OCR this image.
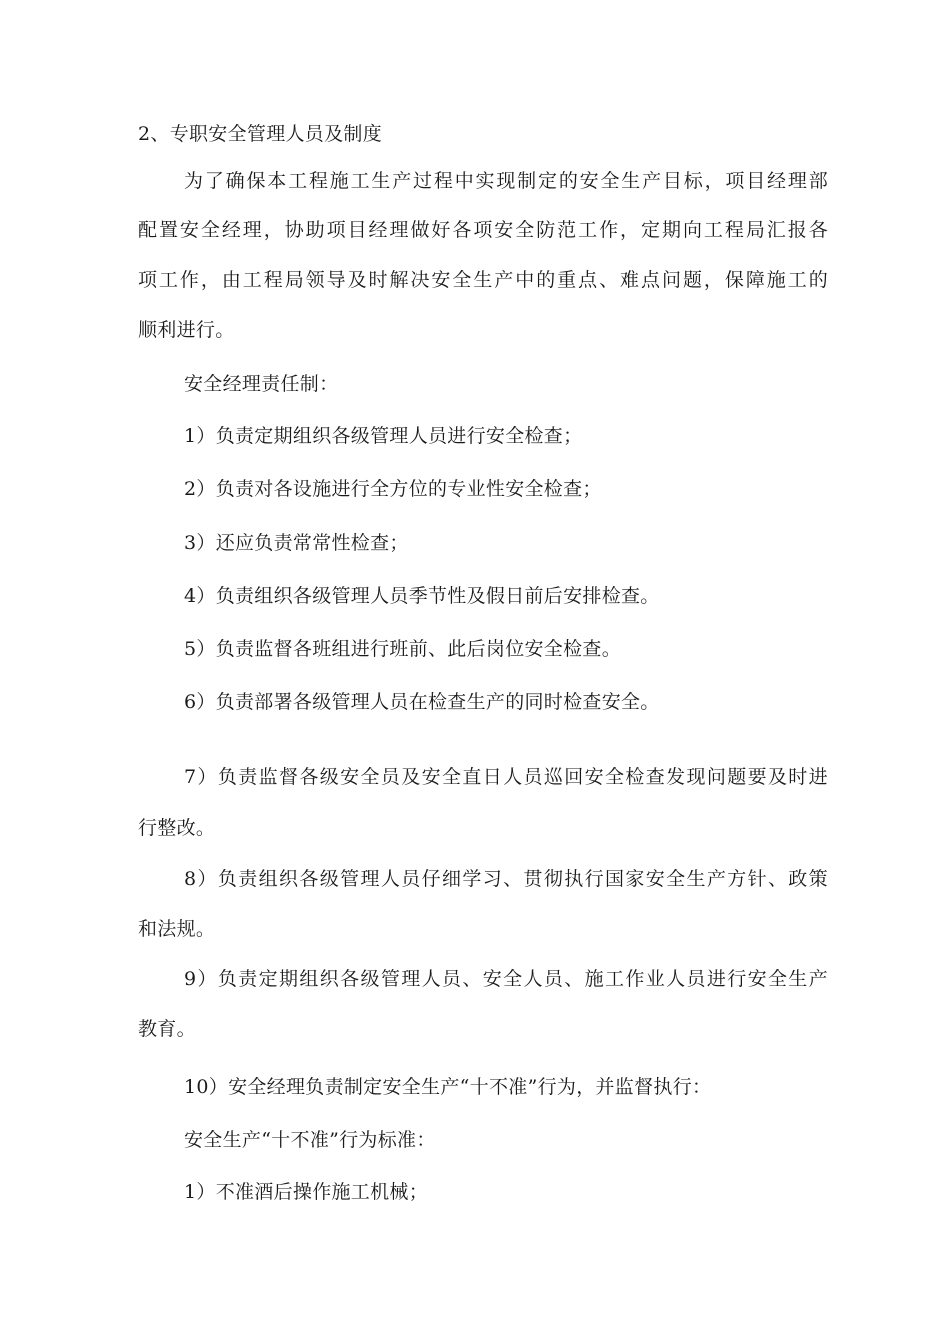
2、专职安全管理人员及制度
为了确保本工程施工生产过程中实现制定的安全生产目标，项目经理部
配置安全经理，协助项目经理做好各项安全防范工作，定期向工程局汇报各
项工作，由工程局领导及时解决安全生产中的重点、难点问题，保障施工的
顺利进行。
安全经理责任制：
1）负责定期组织各级管理人员进行安全检查；
2）负责对各设施进行全方位的专业性安全检查；
3）还应负责常常性检查；
4）负责组织各级管理人员季节性及假日前后安排检查。
5）负责监督各班组进行班前、此后岗位安全检查。
6）负责部署各级管理人员在检查生产的同时检查安全。
7）负责监督各级安全员及安全直日人员巡回安全检查发现问题要及时进
行整改。
8）负责组织各级管理人员仔细学习、贯彻执行国家安全生产方针、政策
和法规。
9）负责定期组织各级管理人员、安全人员、施工作业人员进行安全生产
教育。
10）安全经理负责制定安全生产“十不准”行为，并监督执行：
安全生产“十不准”行为标准：
1）不准酒后操作施工机械；
